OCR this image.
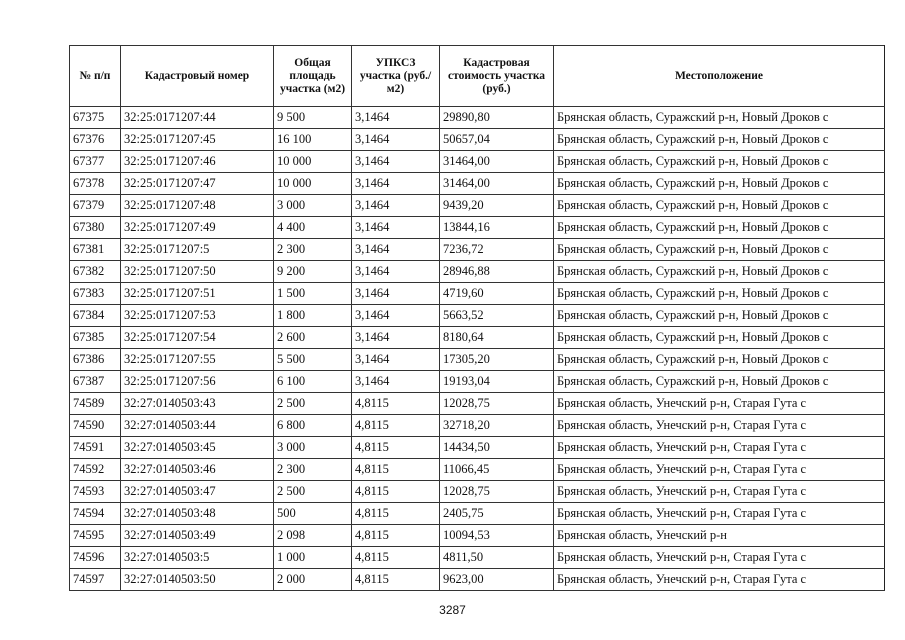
№ п/п	Кадастровый номер	Общая площадь участка (м2)	УПКСЗ участка (руб./м2)	Кадастровая стоимость участка (руб.)	Местоположение
67375	32:25:0171207:44	9 500	3,1464	29890,80	Брянская область, Суражский р-н, Новый Дроков с
67376	32:25:0171207:45	16 100	3,1464	50657,04	Брянская область, Суражский р-н, Новый Дроков с
67377	32:25:0171207:46	10 000	3,1464	31464,00	Брянская область, Суражский р-н, Новый Дроков с
67378	32:25:0171207:47	10 000	3,1464	31464,00	Брянская область, Суражский р-н, Новый Дроков с
67379	32:25:0171207:48	3 000	3,1464	9439,20	Брянская область, Суражский р-н, Новый Дроков с
67380	32:25:0171207:49	4 400	3,1464	13844,16	Брянская область, Суражский р-н, Новый Дроков с
67381	32:25:0171207:5	2 300	3,1464	7236,72	Брянская область, Суражский р-н, Новый Дроков с
67382	32:25:0171207:50	9 200	3,1464	28946,88	Брянская область, Суражский р-н, Новый Дроков с
67383	32:25:0171207:51	1 500	3,1464	4719,60	Брянская область, Суражский р-н, Новый Дроков с
67384	32:25:0171207:53	1 800	3,1464	5663,52	Брянская область, Суражский р-н, Новый Дроков с
67385	32:25:0171207:54	2 600	3,1464	8180,64	Брянская область, Суражский р-н, Новый Дроков с
67386	32:25:0171207:55	5 500	3,1464	17305,20	Брянская область, Суражский р-н, Новый Дроков с
67387	32:25:0171207:56	6 100	3,1464	19193,04	Брянская область, Суражский р-н, Новый Дроков с
74589	32:27:0140503:43	2 500	4,8115	12028,75	Брянская область, Унечский р-н, Старая Гута с
74590	32:27:0140503:44	6 800	4,8115	32718,20	Брянская область, Унечский р-н, Старая Гута с
74591	32:27:0140503:45	3 000	4,8115	14434,50	Брянская область, Унечский р-н, Старая Гута с
74592	32:27:0140503:46	2 300	4,8115	11066,45	Брянская область, Унечский р-н, Старая Гута с
74593	32:27:0140503:47	2 500	4,8115	12028,75	Брянская область, Унечский р-н, Старая Гута с
74594	32:27:0140503:48	500	4,8115	2405,75	Брянская область, Унечский р-н, Старая Гута с
74595	32:27:0140503:49	2 098	4,8115	10094,53	Брянская область, Унечский р-н
74596	32:27:0140503:5	1 000	4,8115	4811,50	Брянская область, Унечский р-н, Старая Гута с
74597	32:27:0140503:50	2 000	4,8115	9623,00	Брянская область, Унечский р-н, Старая Гута с
3287
